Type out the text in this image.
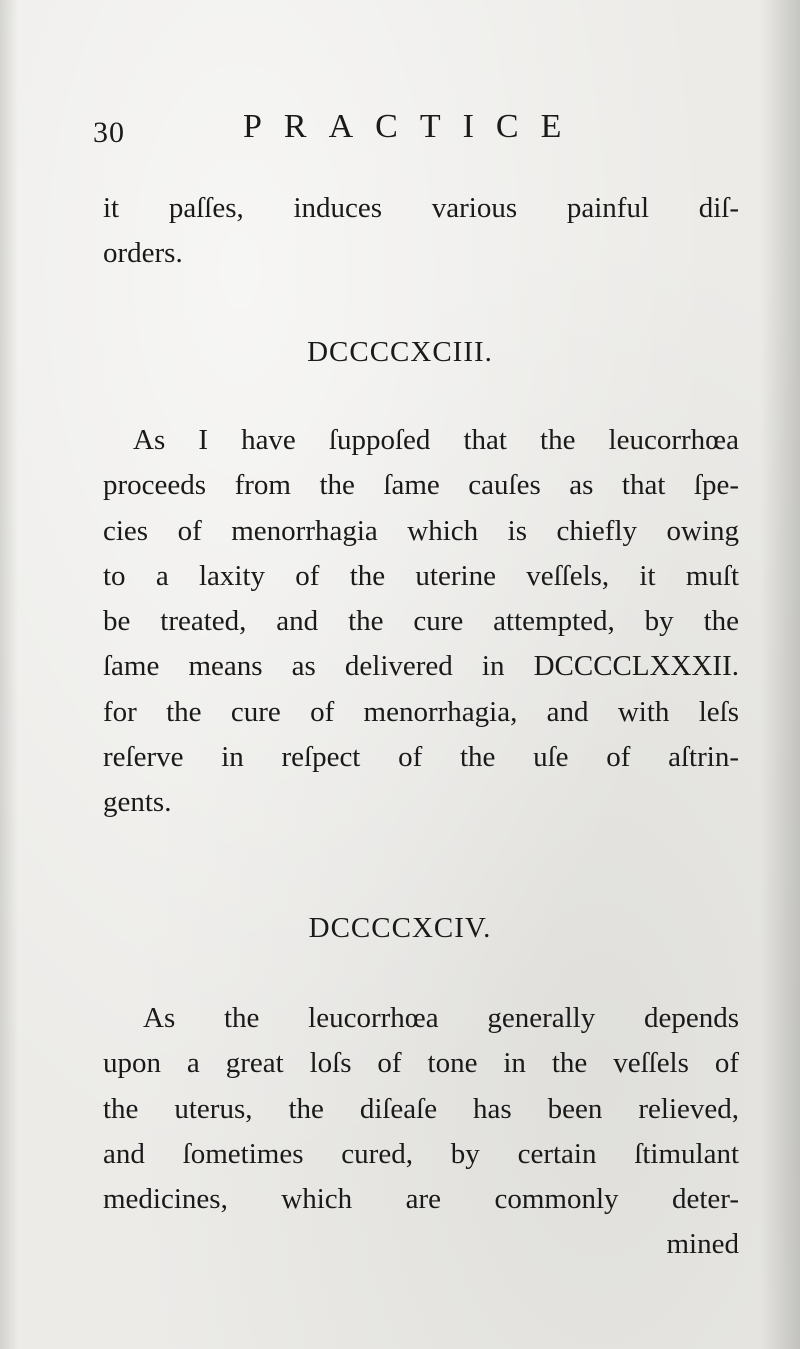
30	PRACTICE
it paſſes, induces various painful diſ-
orders.
DCCCCXCIII.
As I have ſuppoſed that the leucorrhœa
proceeds from the ſame cauſes as that ſpe-
cies of menorrhagia which is chiefly owing
to a laxity of the uterine veſſels, it muſt
be treated, and the cure attempted, by the
ſame means as delivered in DCCCCLXXXII.
for the cure of menorrhagia, and with leſs
reſerve in reſpect of the uſe of aſtrin-
gents.
DCCCCXCIV.
As the leucorrhœa generally depends
upon a great loſs of tone in the veſſels of
the uterus, the diſeaſe has been relieved,
and ſometimes cured, by certain ſtimulant
medicines, which are commonly deter-
mined
